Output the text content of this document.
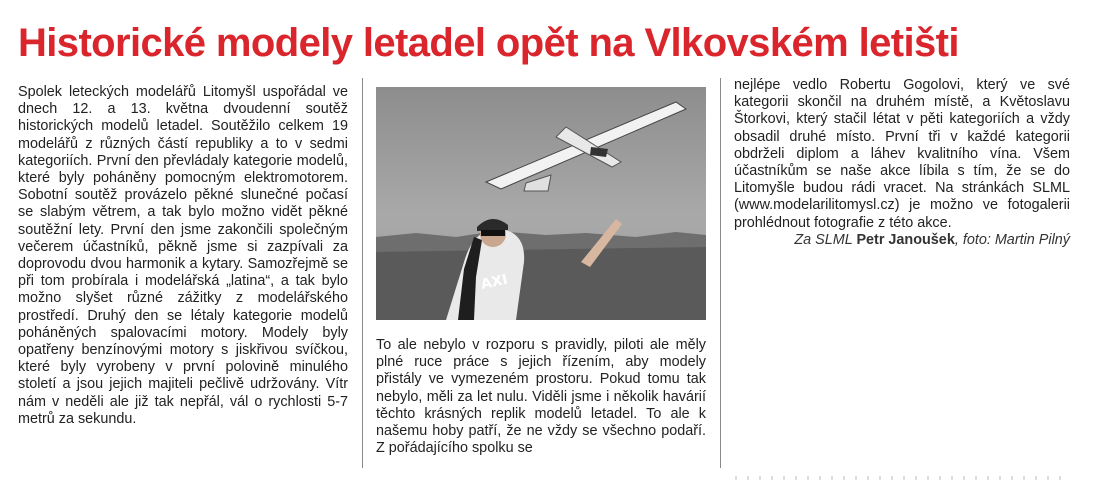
Historické modely letadel opět na Vlkovském letišti

Spolek leteckých modelářů Litomyšl uspořádal ve dnech 12. a 13. května dvoudenní soutěž historických modelů letadel. Soutěžilo celkem 19 modelářů z různých částí republiky a to v sedmi kategoriích. První den převládaly kategorie modelů, které byly poháněny pomocným elektromotorem. Sobotní soutěž provázelo pěkné slunečné počasí se slabým větrem, a tak bylo možno vidět pěkné soutěžní lety. První den jsme zakončili společným večerem účastníků, pěkně jsme si zazpívali za doprovodu dvou harmonik a kytary. Samozřejmě se při tom probírala i modelářská „latina“, a tak bylo možno slyšet různé zážitky z modelářského prostředí. Druhý den se létaly kategorie modelů poháněných spalovacími motory. Modely byly opatřeny benzínovými motory s jiskřivou svíčkou, které byly vyrobeny v první polovině minulého století a jsou jejich majiteli pečlivě udržovány. Vítr nám v neděli ale již tak nepřál, vál o rychlosti 5-7 metrů za sekundu.

AXI

To ale nebylo v rozporu s pravidly, piloti ale měly plné ruce práce s jejich řízením, aby modely přistály ve vymezeném prostoru. Pokud tomu tak nebylo, měli za let nulu. Viděli jsme i několik havárií těchto krásných replik modelů letadel. To ale k našemu hoby patří, že ne vždy se všechno podaří. Z pořádajícího spolku se

nejlépe vedlo Robertu Gogolovi, který ve své kategorii skončil na druhém místě, a Květoslavu Štorkovi, který stačil létat v pěti kategoriích a vždy obsadil druhé místo. První tři v každé kategorii obdrželi diplom a láhev kvalitního vína. Všem účastníkům se naše akce líbila s tím, že se do Litomyšle budou rádi vracet. Na stránkách SLML (www.modelarilitomysl.cz) je možno ve fotogalerii prohlédnout fotografie z této akce.

Za SLML Petr Janoušek, foto: Martin Pilný
